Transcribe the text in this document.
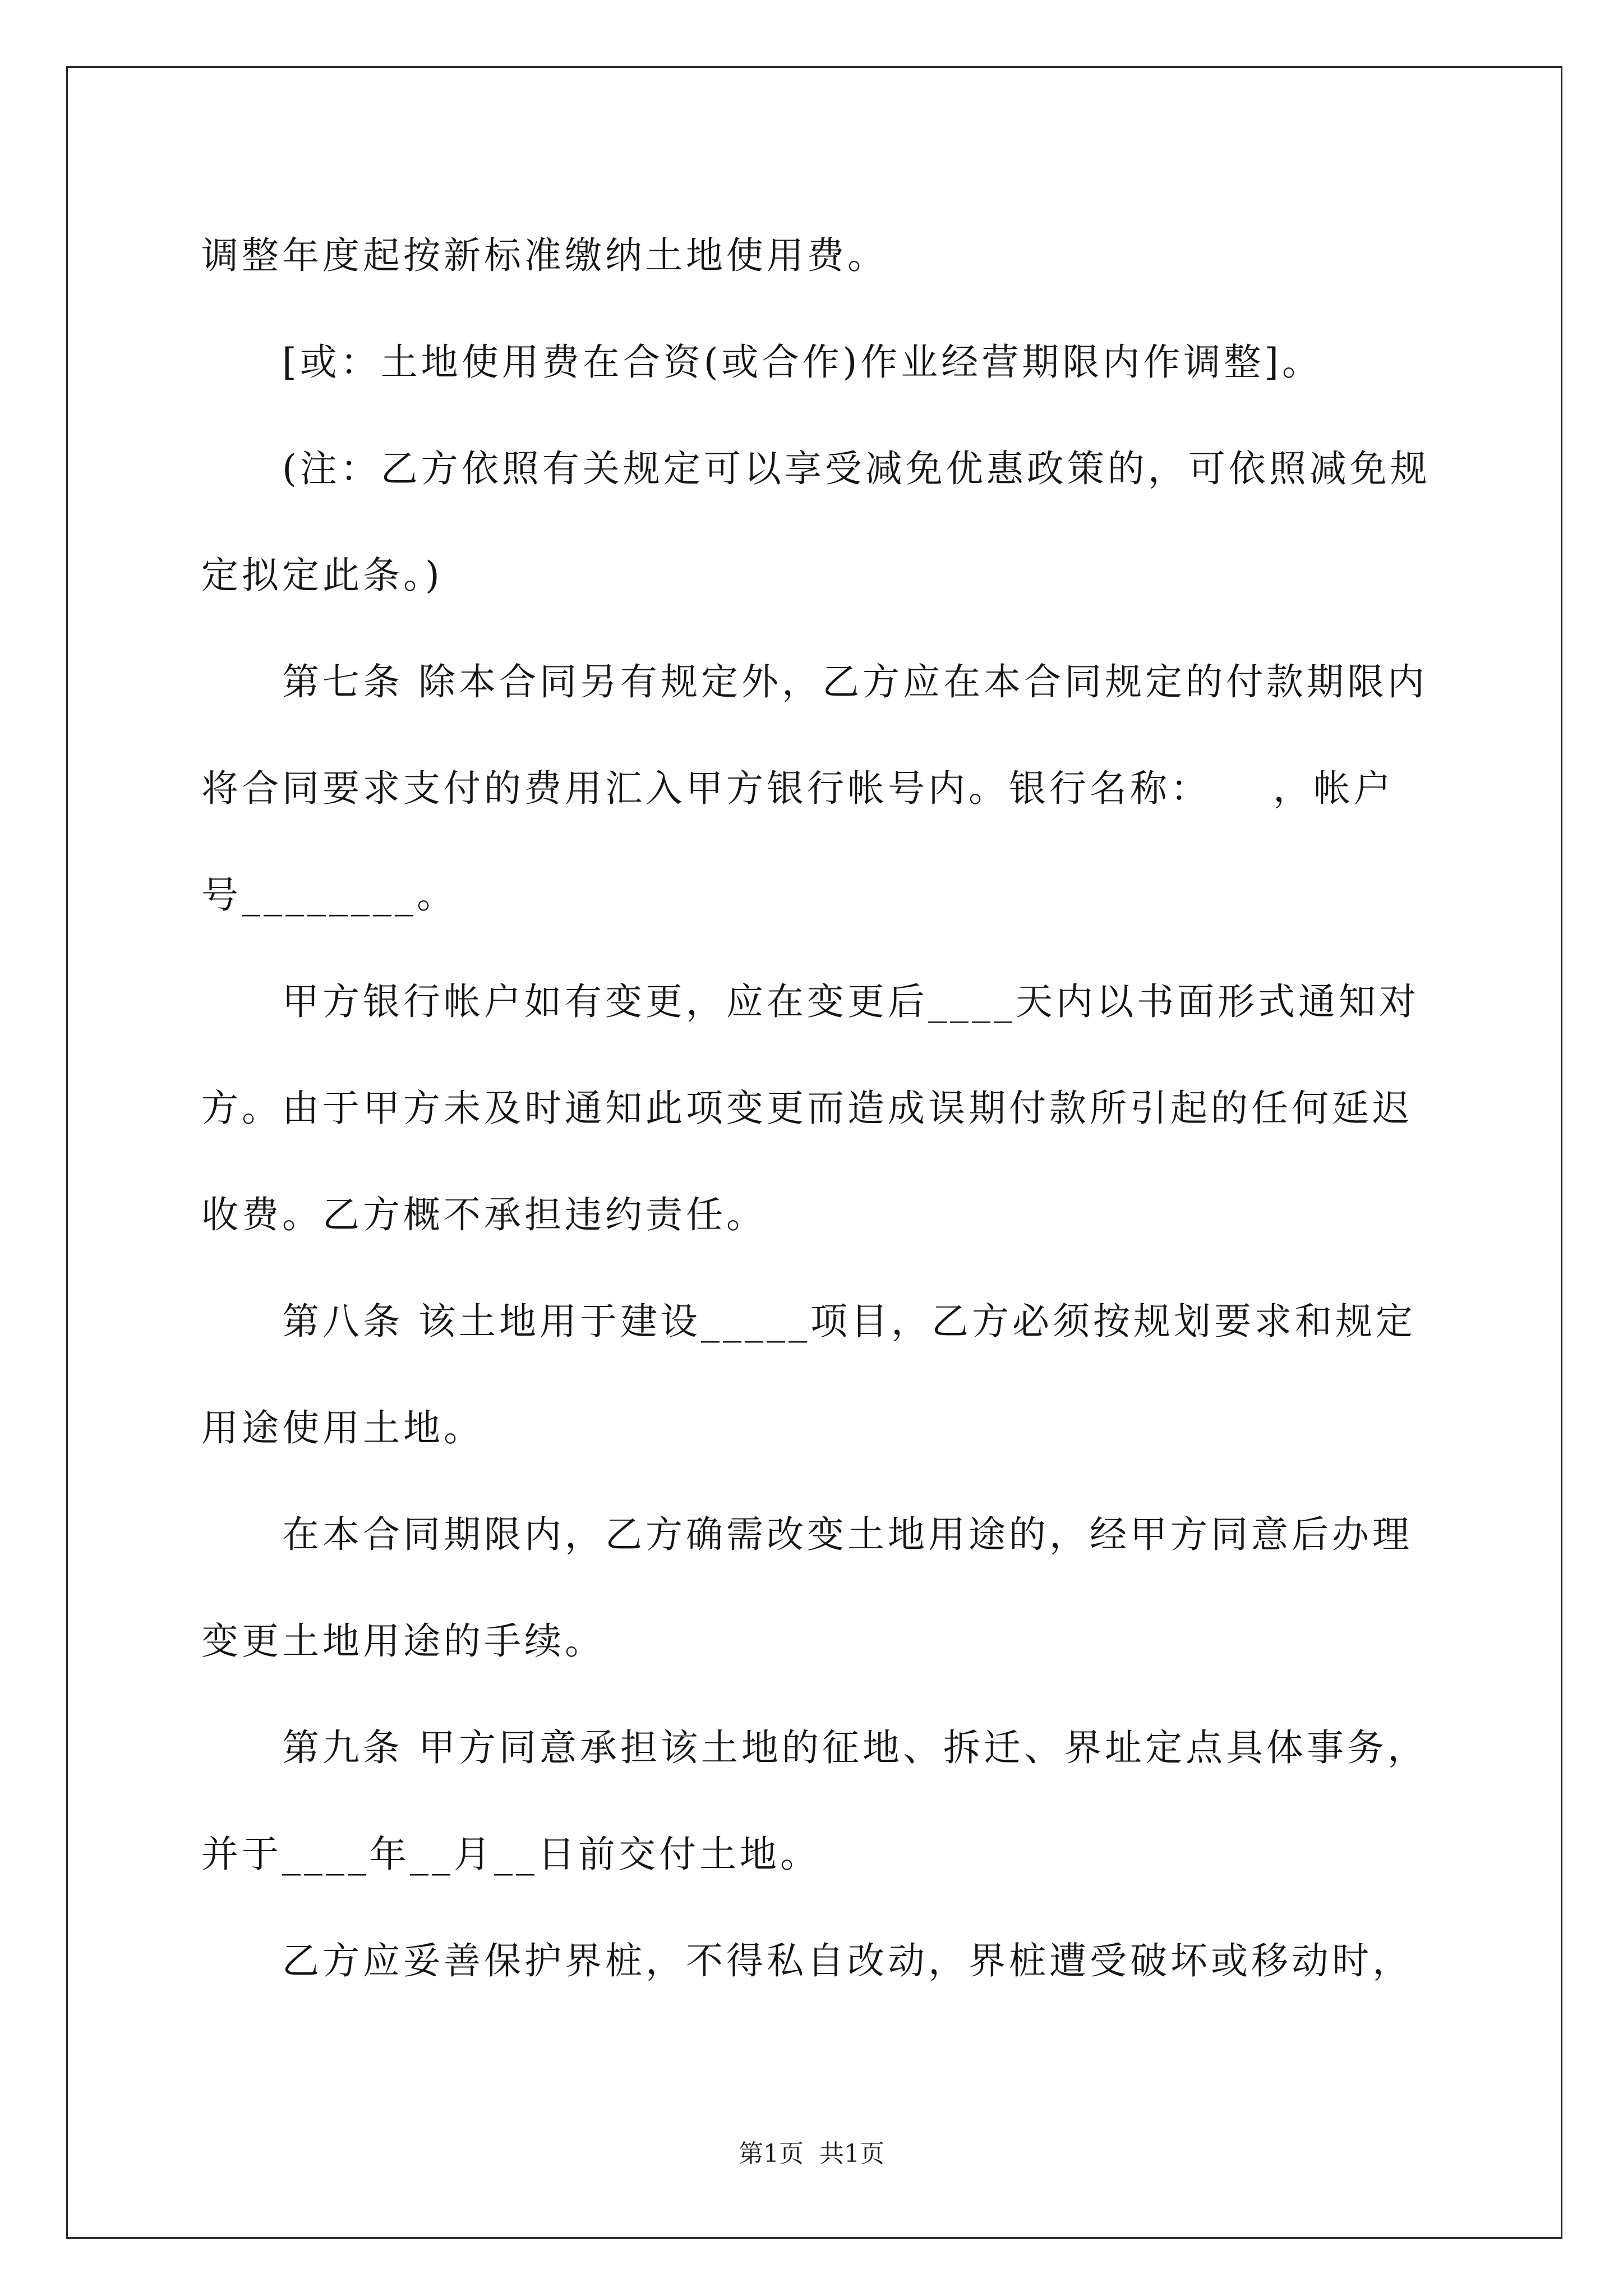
调整年度起按新标准缴纳土地使用费。
[或：土地使用费在合资(或合作)作业经营期限内作调整]。
(注：乙方依照有关规定可以享受减免优惠政策的，可依照减免规
定拟定此条。)
第七条 除本合同另有规定外，乙方应在本合同规定的付款期限内
将合同要求支付的费用汇入甲方银行帐号内。银行名称：　　，帐户
号________。
甲方银行帐户如有变更，应在变更后____天内以书面形式通知对
方。由于甲方未及时通知此项变更而造成误期付款所引起的任何延迟
收费。乙方概不承担违约责任。
第八条 该土地用于建设_____项目，乙方必须按规划要求和规定
用途使用土地。
在本合同期限内，乙方确需改变土地用途的，经甲方同意后办理
变更土地用途的手续。
第九条 甲方同意承担该土地的征地、拆迁、界址定点具体事务，
并于____年__月__日前交付土地。
乙方应妥善保护界桩，不得私自改动，界桩遭受破坏或移动时，
第1页  共1页
